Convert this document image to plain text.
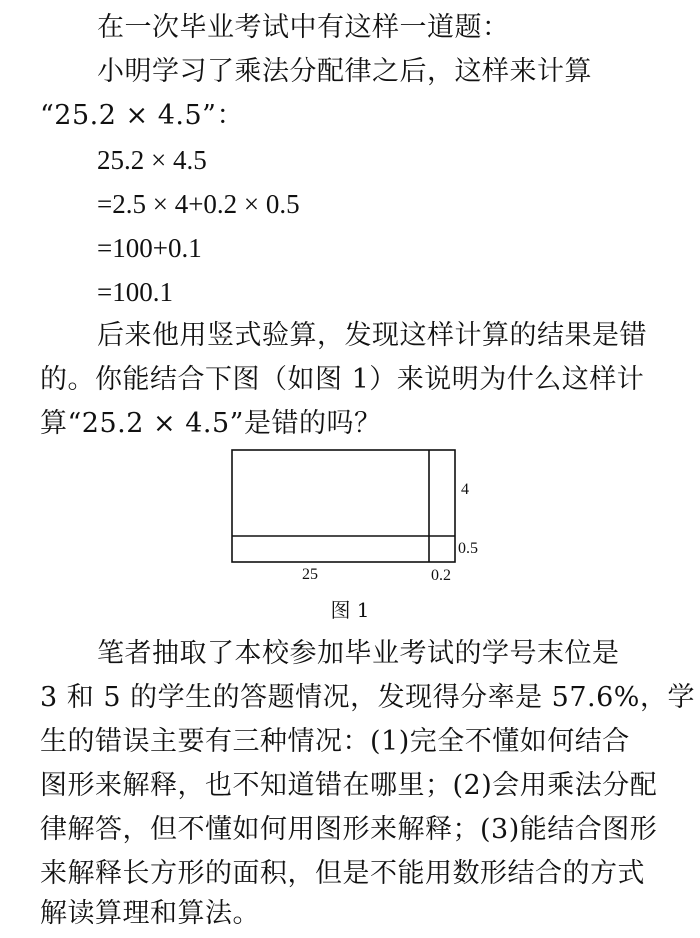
在一次毕业考试中有这样一道题：
小明学习了乘法分配律之后，这样来计算
“25.2 × 4.5”：
25.2 × 4.5
=2.5 × 4+0.2 × 0.5
=100+0.1
=100.1
后来他用竖式验算，发现这样计算的结果是错
的。你能结合下图（如图 1）来说明为什么这样计
算“25.2 × 4.5”是错的吗？
4
0.5
25	0.2
图 1
笔者抽取了本校参加毕业考试的学号末位是
3 和 5 的学生的答题情况，发现得分率是 57.6%，学
生的错误主要有三种情况：(1)完全不懂如何结合
图形来解释，也不知道错在哪里；(2)会用乘法分配
律解答，但不懂如何用图形来解释；(3)能结合图形
来解释长方形的面积，但是不能用数形结合的方式
解读算理和算法。
